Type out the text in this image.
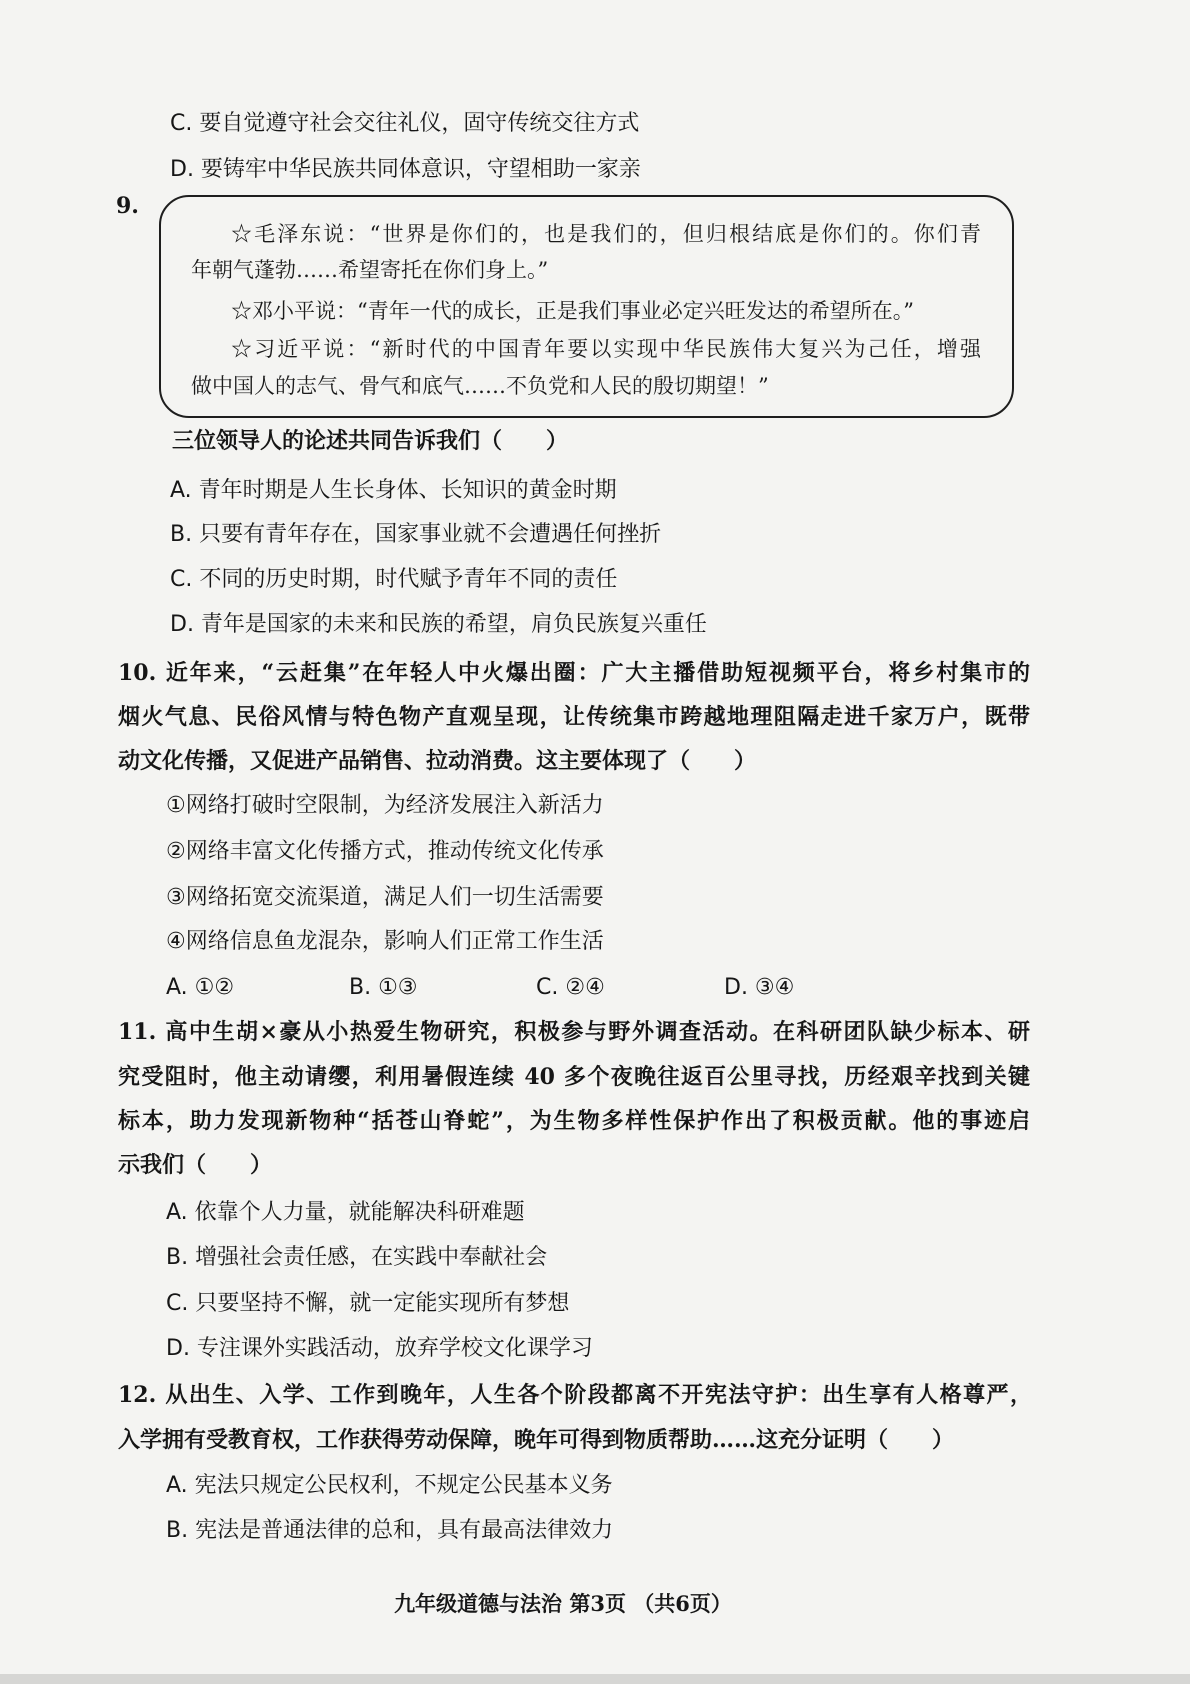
C. 要自觉遵守社会交往礼仪，固守传统交往方式
D. 要铸牢中华民族共同体意识，守望相助一家亲
9.
☆毛泽东说：“世界是你们的，也是我们的，但归根结底是你们的。你们青
年朝气蓬勃……希望寄托在你们身上。”
☆邓小平说：“青年一代的成长，正是我们事业必定兴旺发达的希望所在。”
☆习近平说：“新时代的中国青年要以实现中华民族伟大复兴为己任，增强
做中国人的志气、骨气和底气……不负党和人民的殷切期望！”
三位领导人的论述共同告诉我们（　　）
A. 青年时期是人生长身体、长知识的黄金时期
B. 只要有青年存在，国家事业就不会遭遇任何挫折
C. 不同的历史时期，时代赋予青年不同的责任
D. 青年是国家的未来和民族的希望，肩负民族复兴重任
10. 近年来，“云赶集”在年轻人中火爆出圈：广大主播借助短视频平台，将乡村集市的
烟火气息、民俗风情与特色物产直观呈现，让传统集市跨越地理阻隔走进千家万户，既带
动文化传播，又促进产品销售、拉动消费。这主要体现了（　　）
①网络打破时空限制，为经济发展注入新活力
②网络丰富文化传播方式，推动传统文化传承
③网络拓宽交流渠道，满足人们一切生活需要
④网络信息鱼龙混杂，影响人们正常工作生活
A. ①②	B. ①③	C. ②④	D. ③④
11. 高中生胡×豪从小热爱生物研究，积极参与野外调查活动。在科研团队缺少标本、研
究受阻时，他主动请缨，利用暑假连续 40 多个夜晚往返百公里寻找，历经艰辛找到关键
标本，助力发现新物种“括苍山脊蛇”，为生物多样性保护作出了积极贡献。他的事迹启
示我们（　　）
A. 依靠个人力量，就能解决科研难题
B. 增强社会责任感，在实践中奉献社会
C. 只要坚持不懈，就一定能实现所有梦想
D. 专注课外实践活动，放弃学校文化课学习
12. 从出生、入学、工作到晚年，人生各个阶段都离不开宪法守护：出生享有人格尊严，
入学拥有受教育权，工作获得劳动保障，晚年可得到物质帮助……这充分证明（　　）
A. 宪法只规定公民权利，不规定公民基本义务
B. 宪法是普通法律的总和，具有最高法律效力
九年级道德与法治 第3页 （共6页）
